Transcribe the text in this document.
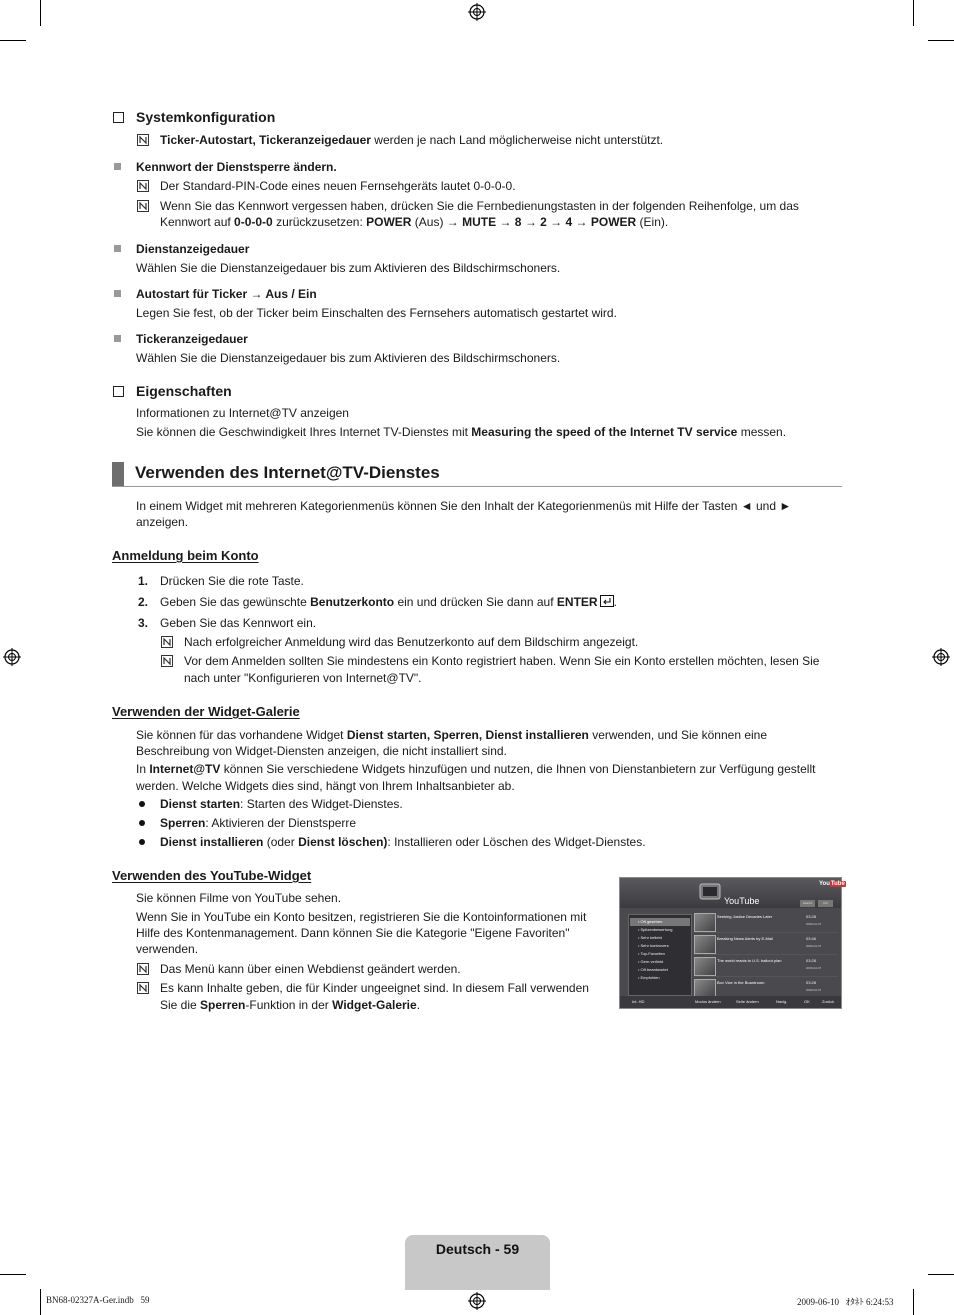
Systemkonfiguration
Ticker-Autostart, Tickeranzeigedauer werden je nach Land möglicherweise nicht unterstützt.
Kennwort der Dienstsperre ändern.
Der Standard-PIN-Code eines neuen Fernsehgeräts lautet 0-0-0-0.
Wenn Sie das Kennwort vergessen haben, drücken Sie die Fernbedienungstasten in der folgenden Reihenfolge, um das
Kennwort auf 0-0-0-0 zurückzusetzen: POWER (Aus) → MUTE → 8 → 2 → 4 → POWER (Ein).
Dienstanzeigedauer
Wählen Sie die Dienstanzeigedauer bis zum Aktivieren des Bildschirmschoners.
Autostart für Ticker → Aus / Ein
Legen Sie fest, ob der Ticker beim Einschalten des Fernsehers automatisch gestartet wird.
Tickeranzeigedauer
Wählen Sie die Dienstanzeigedauer bis zum Aktivieren des Bildschirmschoners.
Eigenschaften
Informationen zu Internet@TV anzeigen
Sie können die Geschwindigkeit Ihres Internet TV-Dienstes mit Measuring the speed of the Internet TV service messen.
Verwenden des Internet@TV-Dienstes
In einem Widget mit mehreren Kategorienmenüs können Sie den Inhalt der Kategorienmenüs mit Hilfe der Tasten ◄ und ►
anzeigen.
Anmeldung beim Konto
1. Drücken Sie die rote Taste.
2. Geben Sie das gewünschte Benutzerkonto ein und drücken Sie dann auf ENTER .
3. Geben Sie das Kennwort ein.
Nach erfolgreicher Anmeldung wird das Benutzerkonto auf dem Bildschirm angezeigt.
Vor dem Anmelden sollten Sie mindestens ein Konto registriert haben. Wenn Sie ein Konto erstellen möchten, lesen Sie
nach unter "Konfigurieren von Internet@TV".
Verwenden der Widget-Galerie
Sie können für das vorhandene Widget Dienst starten, Sperren, Dienst installieren verwenden, und Sie können eine
Beschreibung von Widget-Diensten anzeigen, die nicht installiert sind.
In Internet@TV können Sie verschiedene Widgets hinzufügen und nutzen, die Ihnen von Dienstanbietern zur Verfügung gestellt
werden. Welche Widgets dies sind, hängt von Ihrem Inhaltsanbieter ab.
Dienst starten: Starten des Widget-Dienstes.
Sperren: Aktivieren der Dienstsperre
Dienst installieren (oder Dienst löschen): Installieren oder Löschen des Widget-Dienstes.
Verwenden des YouTube-Widget
Sie können Filme von YouTube sehen.
Wenn Sie in YouTube ein Konto besitzen, registrieren Sie die Kontoinformationen mit
Hilfe des Kontenmanagement. Dann können Sie die Kategorie "Eigene Favoriten"
verwenden.
Das Menü kann über einen Webdienst geändert werden.
Es kann Inhalte geben, die für Kinder ungeeignet sind. In diesem Fall verwenden
Sie die Sperren-Funktion in der Widget-Galerie.
YouTube
YouTube	Search	Ctrl
• Oft gesehen
• Spitzenbewertung
• Sehr beliebt
• Sehr kontrovers
• Top-Favoriten
• Gern verlinkt
• Oft beantwortet
• Empfohlen
Seeking Justice Decades Later	03:28
2009-02-07
Breaking News Alerts by E-Mail	03:46
2009-02-07
The world reacts to U.S. bailout plan	03:28
2009-02-07
Box Vice in the Boardroom	03:28
2009-02-07
Int. HD	Modus ändern	Seite ändern	Navig.	OK	Zurück
Deutsch - 59
BN68-02327A-Ger.indb   59	2009-06-10   ｵﾀﾈﾄ 6:24:53
